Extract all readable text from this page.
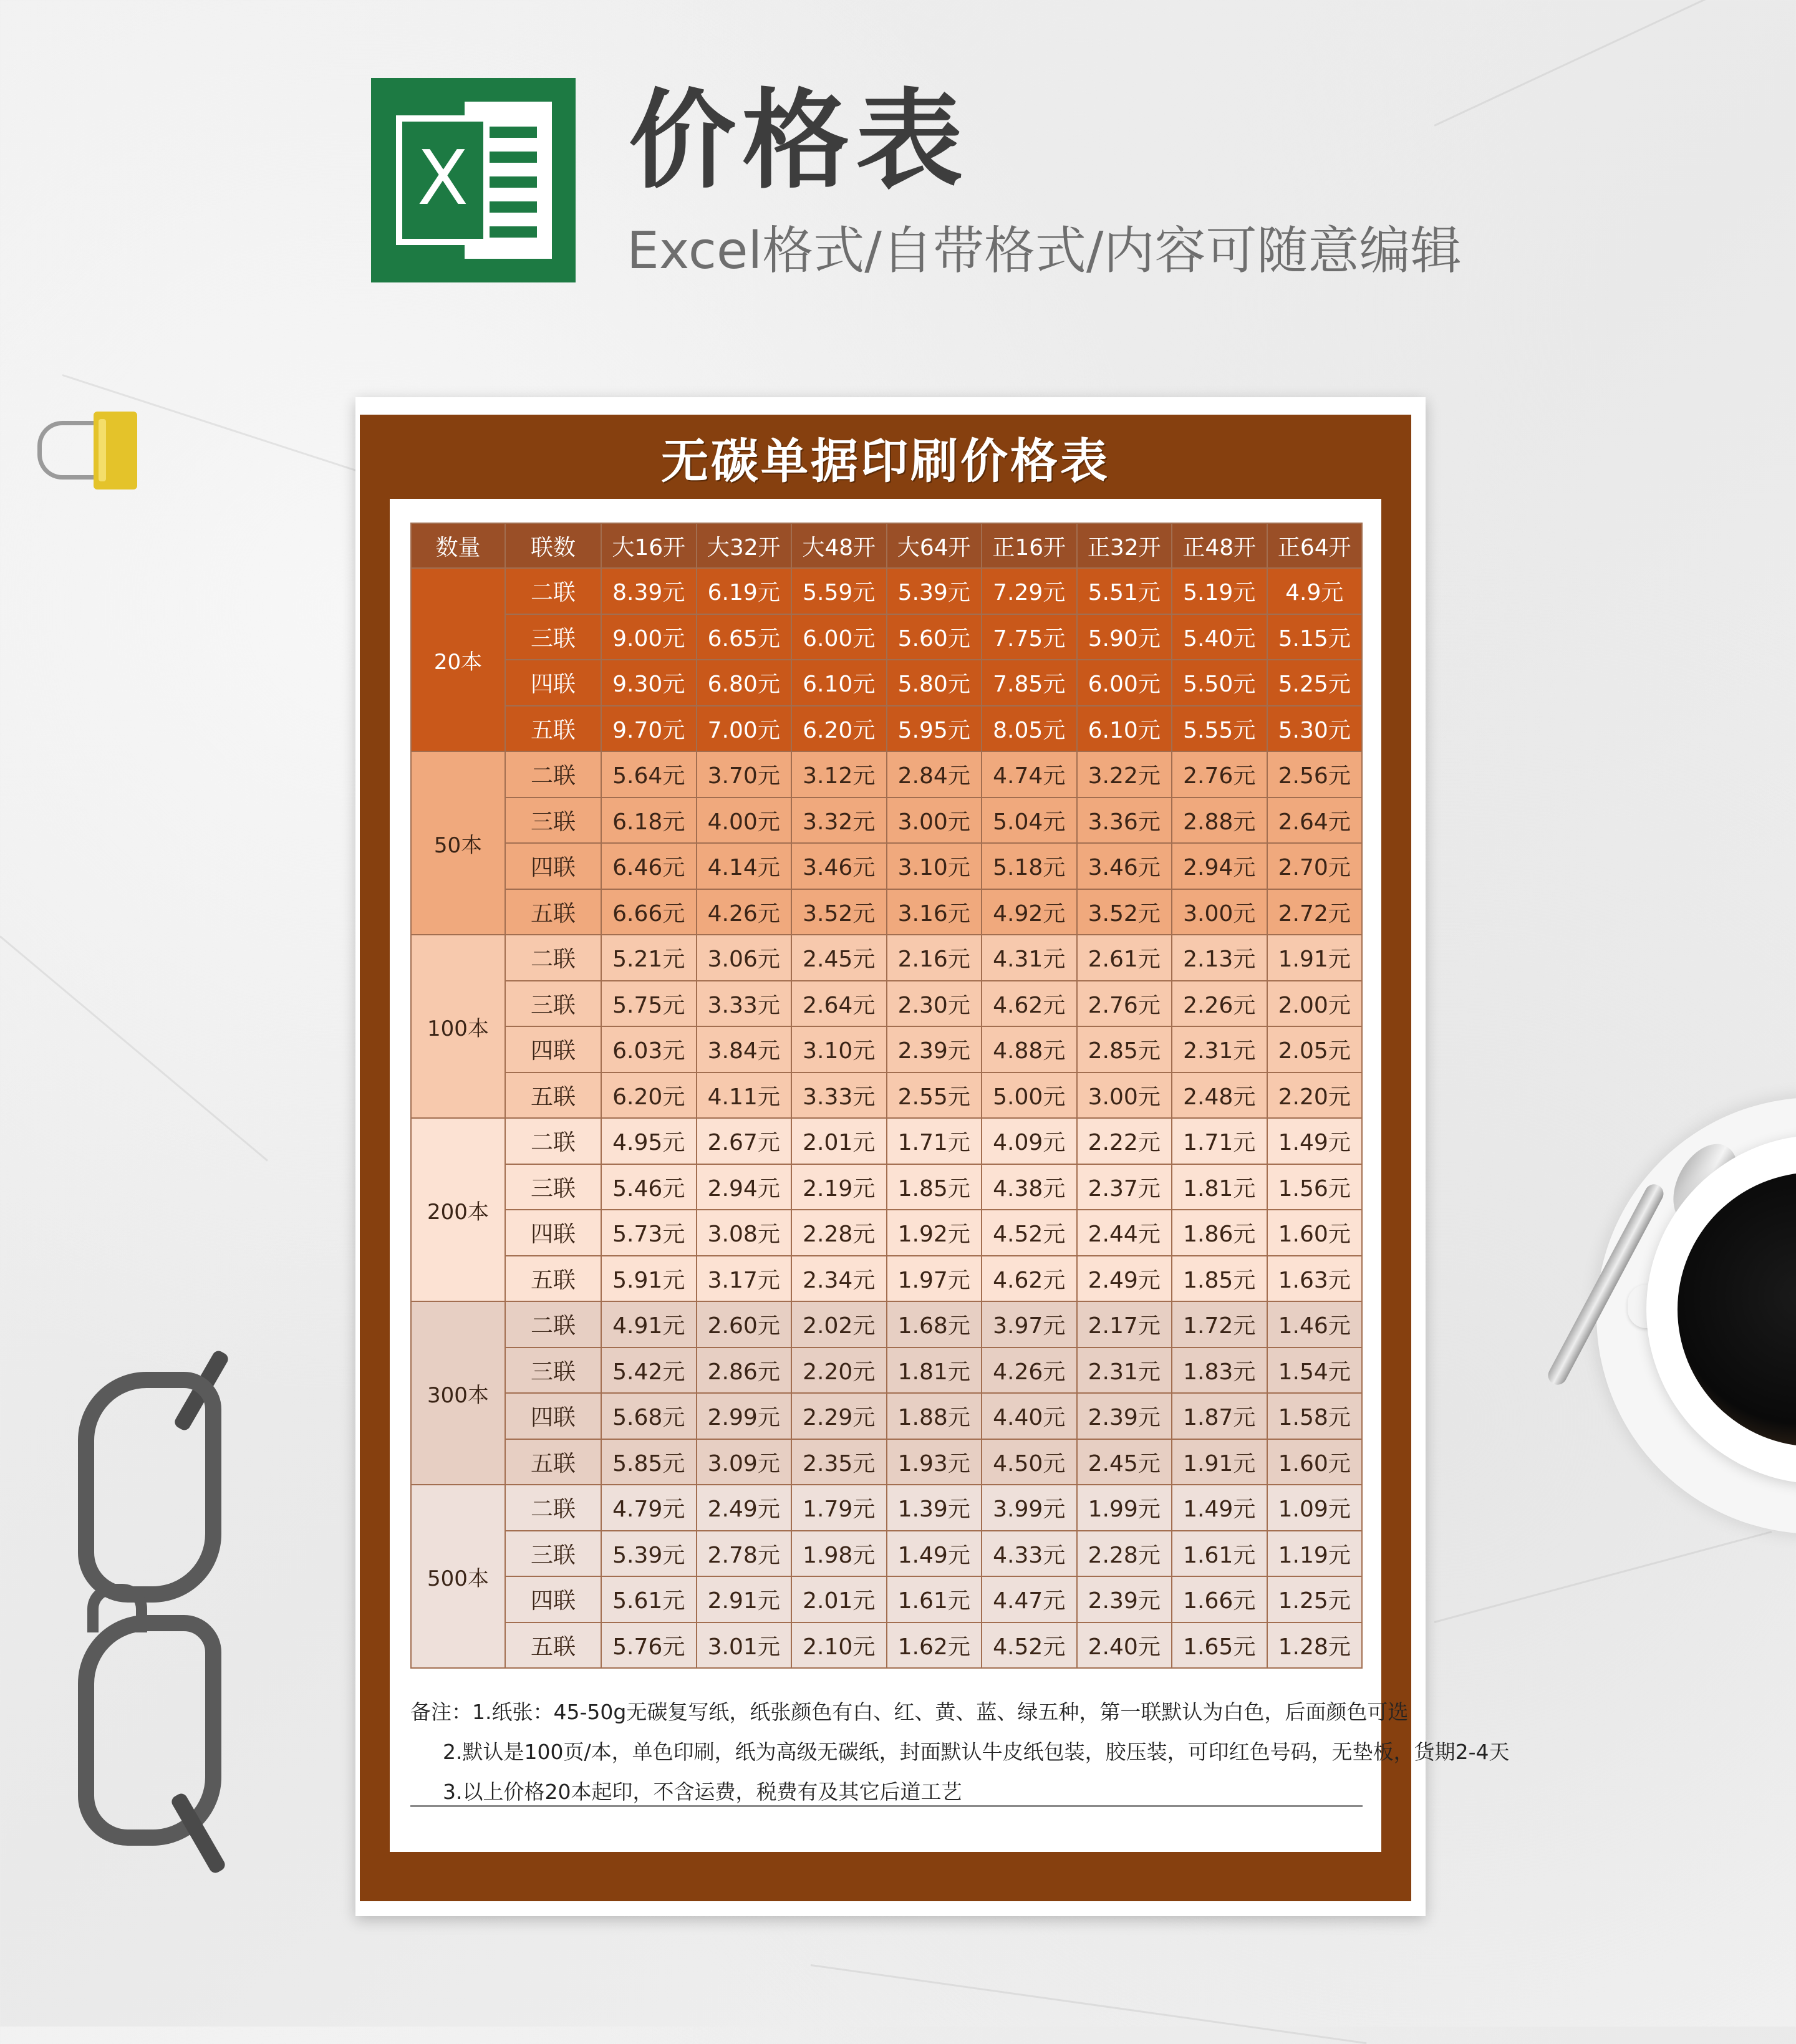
X 价格表
Excel格式/自带格式/内容可随意编辑
无碳单据印刷价格表
数量	联数	大16开	大32开	大48开	大64开	正16开	正32开	正48开	正64开
20本	二联	8.39元	6.19元	5.59元	5.39元	7.29元	5.51元	5.19元	4.9元
	三联	9.00元	6.65元	6.00元	5.60元	7.75元	5.90元	5.40元	5.15元
	四联	9.30元	6.80元	6.10元	5.80元	7.85元	6.00元	5.50元	5.25元
	五联	9.70元	7.00元	6.20元	5.95元	8.05元	6.10元	5.55元	5.30元
50本	二联	5.64元	3.70元	3.12元	2.84元	4.74元	3.22元	2.76元	2.56元
	三联	6.18元	4.00元	3.32元	3.00元	5.04元	3.36元	2.88元	2.64元
	四联	6.46元	4.14元	3.46元	3.10元	5.18元	3.46元	2.94元	2.70元
	五联	6.66元	4.26元	3.52元	3.16元	4.92元	3.52元	3.00元	2.72元
100本	二联	5.21元	3.06元	2.45元	2.16元	4.31元	2.61元	2.13元	1.91元
	三联	5.75元	3.33元	2.64元	2.30元	4.62元	2.76元	2.26元	2.00元
	四联	6.03元	3.84元	3.10元	2.39元	4.88元	2.85元	2.31元	2.05元
	五联	6.20元	4.11元	3.33元	2.55元	5.00元	3.00元	2.48元	2.20元
200本	二联	4.95元	2.67元	2.01元	1.71元	4.09元	2.22元	1.71元	1.49元
	三联	5.46元	2.94元	2.19元	1.85元	4.38元	2.37元	1.81元	1.56元
	四联	5.73元	3.08元	2.28元	1.92元	4.52元	2.44元	1.86元	1.60元
	五联	5.91元	3.17元	2.34元	1.97元	4.62元	2.49元	1.85元	1.63元
300本	二联	4.91元	2.60元	2.02元	1.68元	3.97元	2.17元	1.72元	1.46元
	三联	5.42元	2.86元	2.20元	1.81元	4.26元	2.31元	1.83元	1.54元
	四联	5.68元	2.99元	2.29元	1.88元	4.40元	2.39元	1.87元	1.58元
	五联	5.85元	3.09元	2.35元	1.93元	4.50元	2.45元	1.91元	1.60元
500本	二联	4.79元	2.49元	1.79元	1.39元	3.99元	1.99元	1.49元	1.09元
	三联	5.39元	2.78元	1.98元	1.49元	4.33元	2.28元	1.61元	1.19元
	四联	5.61元	2.91元	2.01元	1.61元	4.47元	2.39元	1.66元	1.25元
	五联	5.76元	3.01元	2.10元	1.62元	4.52元	2.40元	1.65元	1.28元
备注：1.纸张：45-50g无碳复写纸，纸张颜色有白、红、黄、蓝、绿五种，第一联默认为白色，后面颜色可选
2.默认是100页/本，单色印刷，纸为高级无碳纸，封面默认牛皮纸包装，胶压装，可印红色号码，无垫板，货期2-4天
3.以上价格20本起印，不含运费，税费有及其它后道工艺
